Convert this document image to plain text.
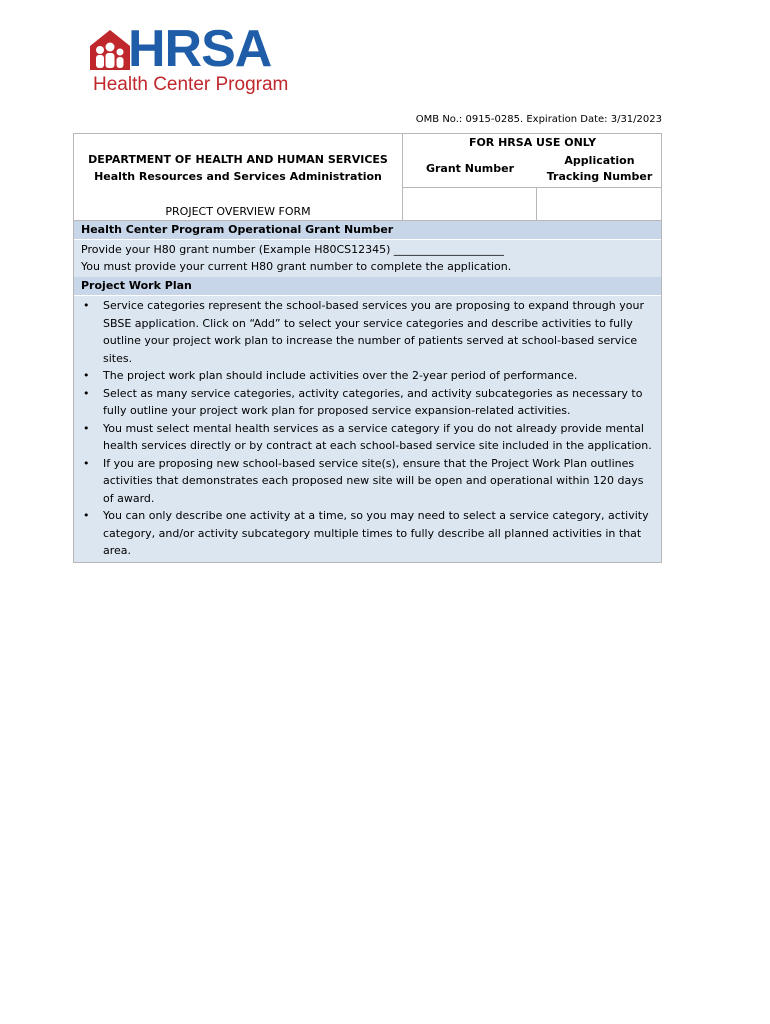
HRSA
Health Center Program
OMB No.: 0915-0285. Expiration Date: 3/31/2023
DEPARTMENT OF HEALTH AND HUMAN SERVICES
Health Resources and Services Administration
PROJECT OVERVIEW FORM
FOR HRSA USE ONLY
Grant Number
Application Tracking Number
Health Center Program Operational Grant Number
Provide your H80 grant number (Example H80CS12345) ____________________
You must provide your current H80 grant number to complete the application.
Project Work Plan
• Service categories represent the school-based services you are proposing to expand through your SBSE application. Click on “Add” to select your service categories and describe activities to fully outline your project work plan to increase the number of patients served at school-based service sites.
• The project work plan should include activities over the 2-year period of performance.
• Select as many service categories, activity categories, and activity subcategories as necessary to fully outline your project work plan for proposed service expansion-related activities.
• You must select mental health services as a service category if you do not already provide mental health services directly or by contract at each school-based service site included in the application.
• If you are proposing new school-based service site(s), ensure that the Project Work Plan outlines activities that demonstrates each proposed new site will be open and operational within 120 days of award.
• You can only describe one activity at a time, so you may need to select a service category, activity category, and/or activity subcategory multiple times to fully describe all planned activities in that area.
